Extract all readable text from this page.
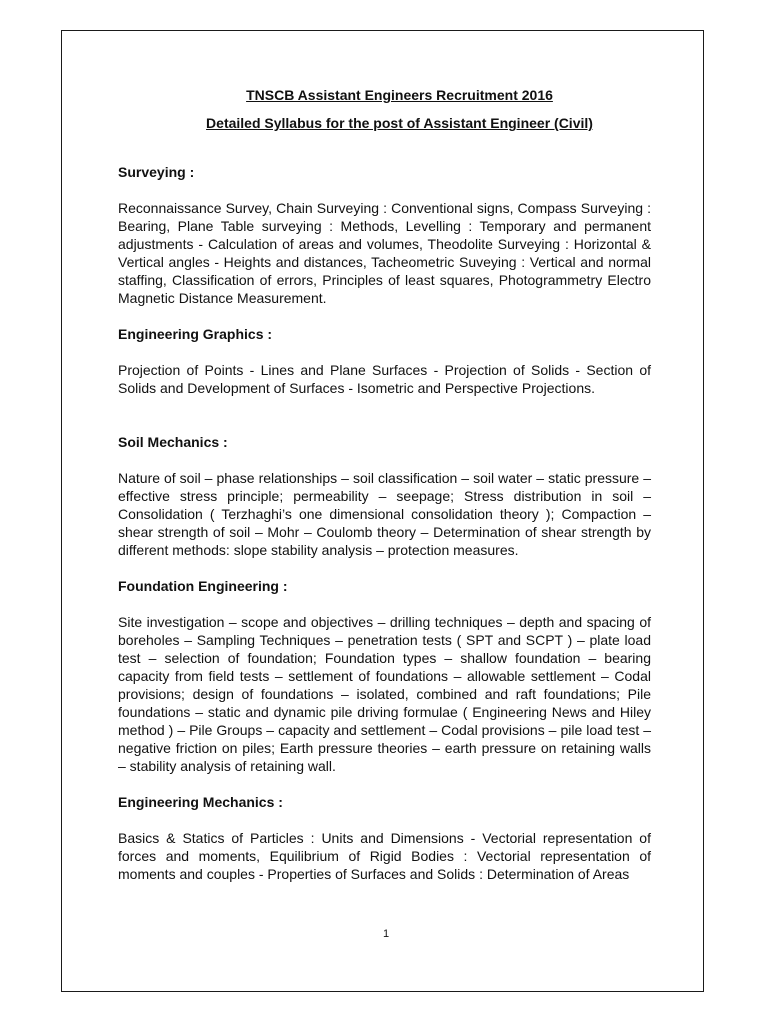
TNSCB Assistant Engineers Recruitment 2016

Detailed Syllabus for the post of Assistant Engineer (Civil)

Surveying :

Reconnaissance Survey, Chain Surveying : Conventional signs, Compass Surveying : Bearing, Plane Table surveying : Methods, Levelling : Temporary and permanent adjustments - Calculation of areas and volumes, Theodolite Surveying : Horizontal & Vertical angles - Heights and distances, Tacheometric Suveying : Vertical and normal staffing, Classification of errors, Principles of least squares, Photogrammetry Electro Magnetic Distance Measurement.

Engineering Graphics :

Projection of Points - Lines and Plane Surfaces - Projection of Solids - Section of Solids and Development of Surfaces - Isometric and Perspective Projections.

Soil Mechanics :

Nature of soil – phase relationships – soil classification – soil water – static pressure – effective stress principle; permeability – seepage; Stress distribution in soil – Consolidation ( Terzhaghi’s one dimensional consolidation theory ); Compaction – shear strength of soil – Mohr – Coulomb theory – Determination of shear strength by different methods: slope stability analysis – protection measures.

Foundation Engineering :

Site investigation – scope and objectives – drilling techniques – depth and spacing of boreholes – Sampling Techniques – penetration tests ( SPT and SCPT ) – plate load test – selection of foundation; Foundation types – shallow foundation – bearing capacity from field tests – settlement of foundations – allowable settlement – Codal provisions; design of foundations – isolated, combined and raft foundations; Pile foundations – static and dynamic pile driving formulae ( Engineering News and Hiley method ) – Pile Groups – capacity and settlement – Codal provisions – pile load test – negative friction on piles; Earth pressure theories – earth pressure on retaining walls – stability analysis of retaining wall.

Engineering Mechanics :

Basics & Statics of Particles : Units and Dimensions - Vectorial representation of forces and moments, Equilibrium of Rigid Bodies : Vectorial representation of moments and couples - Properties of Surfaces and Solids : Determination of Areas

1
